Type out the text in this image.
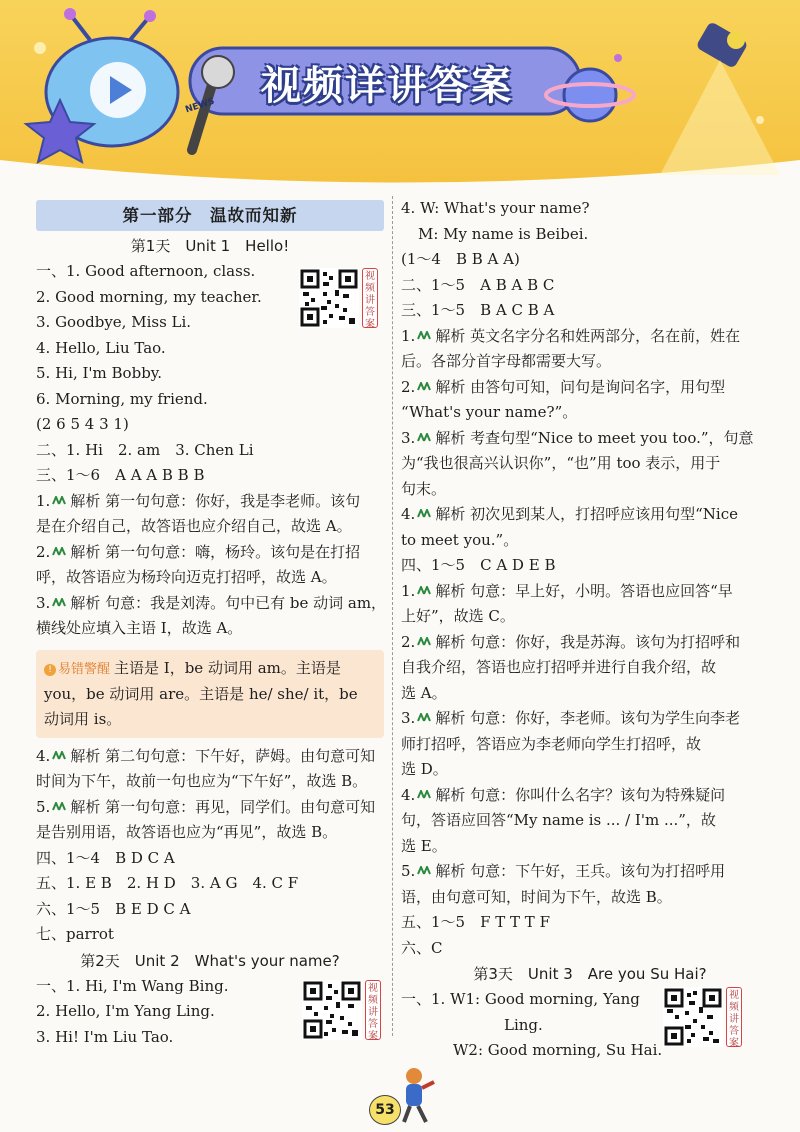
视频详讲答案
NEWS
第一部分　温故而知新
第1天　Unit 1　Hello!
一、1. Good afternoon, class.
2. Good morning, my teacher.
3. Goodbye, Miss Li.
4. Hello, Liu Tao.
5. Hi, I'm Bobby.
6. Morning, my friend.
(2 6 5 4 3 1)
二、1. Hi　2. am　3. Chen Li
三、1～6　A A A B B B
1. 解析 第一句句意：你好，我是李老师。该句
是在介绍自己，故答语也应介绍自己，故选 A。
2. 解析 第一句句意：嗨，杨玲。该句是在打招
呼，故答语应为杨玲向迈克打招呼，故选 A。
3. 解析 句意：我是刘涛。句中已有 be 动词 am，
横线处应填入主语 I，故选 A。
! 易错警醒 主语是 I，be 动词用 am。主语是
you，be 动词用 are。主语是 he/ she/ it，be
动词用 is。
4. 解析 第二句句意：下午好，萨姆。由句意可知
时间为下午，故前一句也应为“下午好”，故选 B。
5. 解析 第一句句意：再见，同学们。由句意可知
是告别用语，故答语也应为“再见”，故选 B。
四、1～4　B D C A
五、1. E B　2. H D　3. A G　4. C F
六、1～5　B E D C A
七、parrot
第2天　Unit 2　What's your name?
一、1. Hi, I'm Wang Bing.
2. Hello, I'm Yang Ling.
3. Hi! I'm Liu Tao.
4. W: What's your name?
M: My name is Beibei.
(1～4　B B A A)
二、1～5　A B A B C
三、1～5　B A C B A
1. 解析 英文名字分名和姓两部分，名在前，姓在
后。各部分首字母都需要大写。
2. 解析 由答句可知，问句是询问名字，用句型
“What's your name?”。
3. 解析 考查句型“Nice to meet you too.”，句意
为“我也很高兴认识你”，“也”用 too 表示，用于
句末。
4. 解析 初次见到某人，打招呼应该用句型“Nice
to meet you.”。
四、1～5　C A D E B
1. 解析 句意：早上好，小明。答语也应回答“早
上好”，故选 C。
2. 解析 句意：你好，我是苏海。该句为打招呼和
自我介绍，答语也应打招呼并进行自我介绍，故
选 A。
3. 解析 句意：你好，李老师。该句为学生向李老
师打招呼，答语应为李老师向学生打招呼，故
选 D。
4. 解析 句意：你叫什么名字？该句为特殊疑问
句，答语应回答“My name is ... / I'm ...”，故
选 E。
5. 解析 句意：下午好，王兵。该句为打招呼用
语，由句意可知，时间为下午，故选 B。
五、1～5　F T T T F
六、C
第3天　Unit 3　Are you Su Hai?
一、1. W1: Good morning, Yang
Ling.
W2: Good morning, Su Hai.
视
频
讲
答
案
视
频
讲
答
案
视
频
讲
答
案
53
